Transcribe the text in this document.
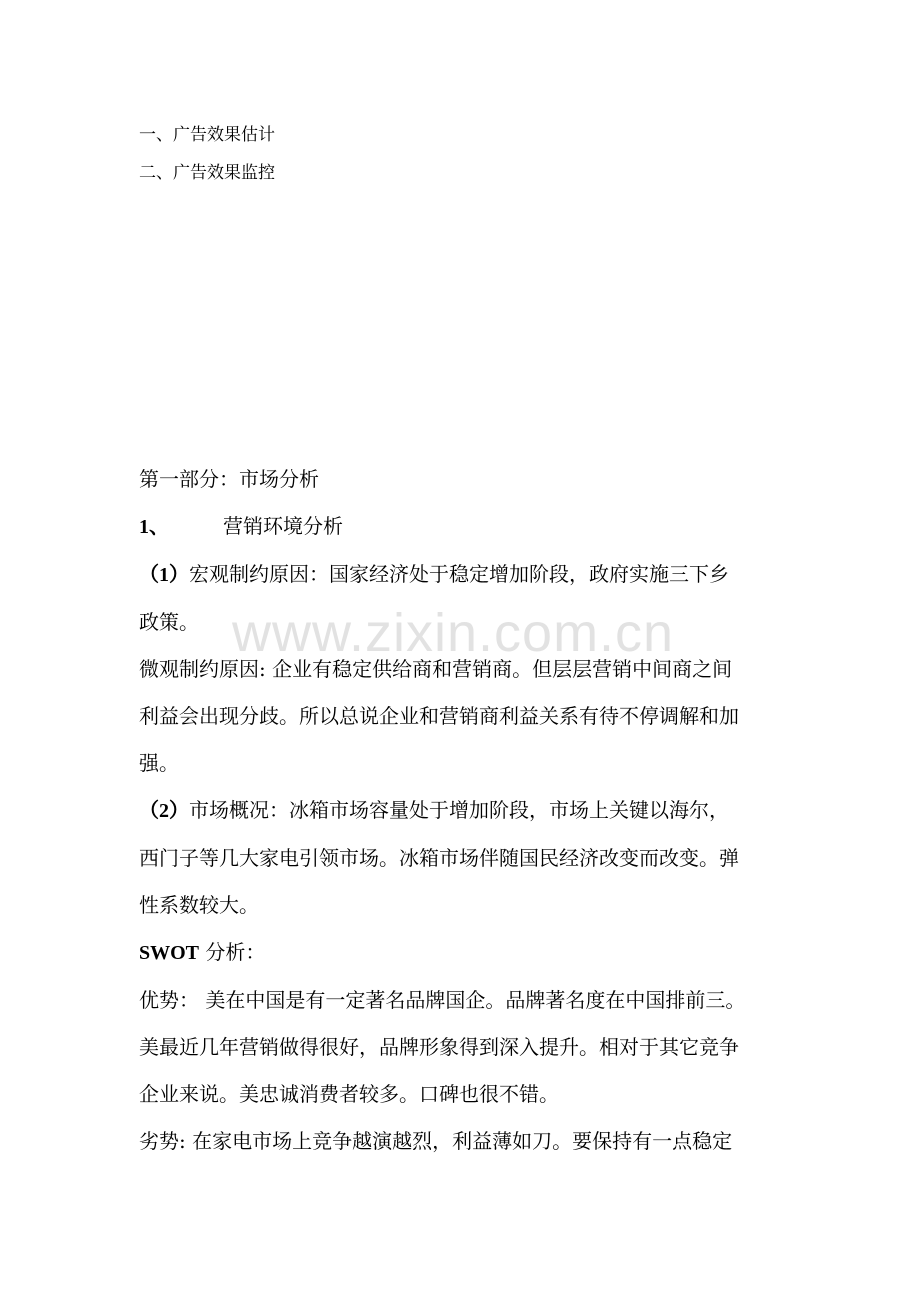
一、广告效果估计
二、广告效果监控
第一部分：市场分析
1、	营销环境分析
（1）宏观制约原因：国家经济处于稳定增加阶段，政府实施三下乡
政策。
微观制约原因: 企业有稳定供给商和营销商。但层层营销中间商之间
利益会出现分歧。所以总说企业和营销商利益关系有待不停调解和加
强。
（2）市场概况：冰箱市场容量处于增加阶段，市场上关键以海尔，
西门子等几大家电引领市场。冰箱市场伴随国民经济改变而改变。弹
性系数较大。
SWOT 分析：
优势： 美在中国是有一定著名品牌国企。品牌著名度在中国排前三。
美最近几年营销做得很好，品牌形象得到深入提升。相对于其它竞争
企业来说。美忠诚消费者较多。口碑也很不错。
劣势: 在家电市场上竞争越演越烈，利益薄如刀。要保持有一点稳定
www.zixin.com.cn
